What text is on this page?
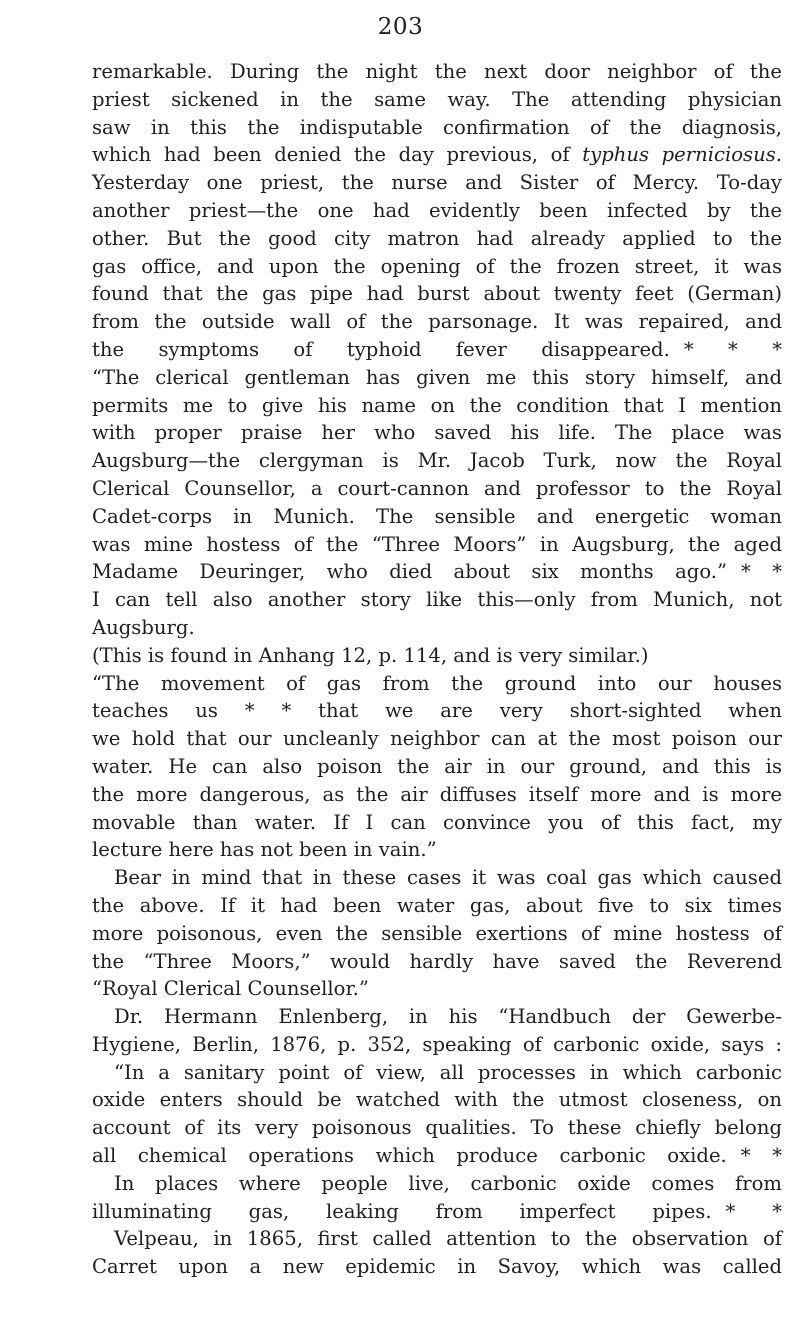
203
remarkable. During the night the next door neighbor of the
priest sickened in the same way. The attending physician
saw in this the indisputable confirmation of the diagnosis,
which had been denied the day previous, of typhus perniciosus.
Yesterday one priest, the nurse and Sister of Mercy. To-day
another priest—the one had evidently been infected by the
other. But the good city matron had already applied to the
gas office, and upon the opening of the frozen street, it was
found that the gas pipe had burst about twenty feet (German)
from the outside wall of the parsonage. It was repaired, and
the symptoms of typhoid fever disappeared. * * *
“The clerical gentleman has given me this story himself, and
permits me to give his name on the condition that I mention
with proper praise her who saved his life. The place was
Augsburg—the clergyman is Mr. Jacob Turk, now the Royal
Clerical Counsellor, a court-cannon and professor to the Royal
Cadet-corps in Munich. The sensible and energetic woman
was mine hostess of the “Three Moors” in Augsburg, the aged
Madame Deuringer, who died about six months ago.” * *
I can tell also another story like this—only from Munich, not
Augsburg.
(This is found in Anhang 12, p. 114, and is very similar.)
“The movement of gas from the ground into our houses
teaches us * * that we are very short-sighted when
we hold that our uncleanly neighbor can at the most poison our
water. He can also poison the air in our ground, and this is
the more dangerous, as the air diffuses itself more and is more
movable than water. If I can convince you of this fact, my
lecture here has not been in vain.”
Bear in mind that in these cases it was coal gas which caused
the above. If it had been water gas, about five to six times
more poisonous, even the sensible exertions of mine hostess of
the “Three Moors,” would hardly have saved the Reverend
“Royal Clerical Counsellor.”
Dr. Hermann Enlenberg, in his “Handbuch der Gewerbe-
Hygiene, Berlin, 1876, p. 352, speaking of carbonic oxide, says :
“In a sanitary point of view, all processes in which carbonic
oxide enters should be watched with the utmost closeness, on
account of its very poisonous qualities. To these chiefly belong
all chemical operations which produce carbonic oxide. * *
In places where people live, carbonic oxide comes from
illuminating gas, leaking from imperfect pipes. * *
Velpeau, in 1865, first called attention to the observation of
Carret upon a new epidemic in Savoy, which was called
